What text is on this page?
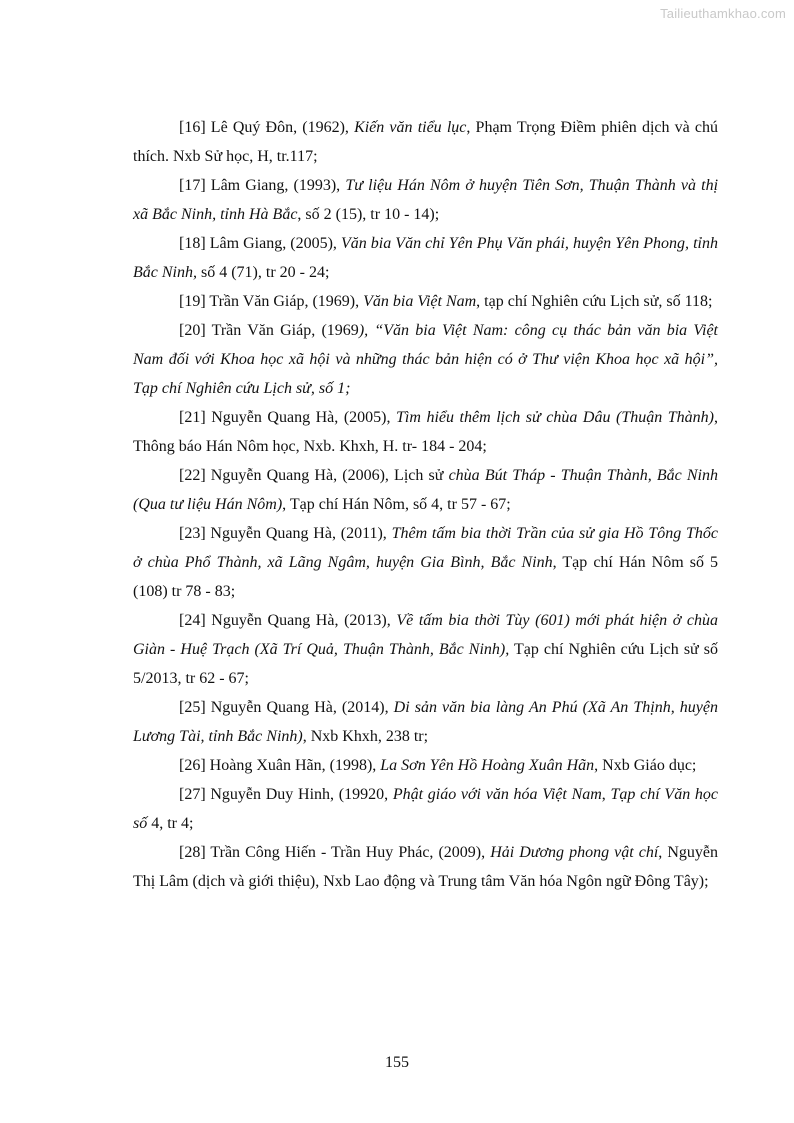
Tailieuthamkhao.com

[16] Lê Quý Đôn, (1962), Kiến văn tiểu lục, Phạm Trọng Điềm phiên dịch và chú thích. Nxb Sử học, H, tr.117;

[17] Lâm Giang, (1993), Tư liệu Hán Nôm ở huyện Tiên Sơn, Thuận Thành và thị xã Bắc Ninh, tỉnh Hà Bắc, số 2 (15), tr 10 - 14);

[18] Lâm Giang, (2005), Văn bia Văn chỉ Yên Phụ Văn phái, huyện Yên Phong, tỉnh Bắc Ninh, số 4 (71), tr 20 - 24;

[19] Trần Văn Giáp, (1969), Văn bia Việt Nam, tạp chí Nghiên cứu Lịch sử, số 118;

[20] Trần Văn Giáp, (1969), “Văn bia Việt Nam: công cụ thác bản văn bia Việt Nam đối với Khoa học xã hội và những thác bản hiện có ở Thư viện Khoa học xã hội”, Tạp chí Nghiên cứu Lịch sử, số 1;

[21] Nguyễn Quang Hà, (2005), Tìm hiểu thêm lịch sử chùa Dâu (Thuận Thành), Thông báo Hán Nôm học, Nxb. Khxh, H. tr- 184 - 204;

[22] Nguyễn Quang Hà, (2006), Lịch sử chùa Bút Tháp - Thuận Thành, Bắc Ninh (Qua tư liệu Hán Nôm), Tạp chí Hán Nôm, số 4, tr 57 - 67;

[23] Nguyễn Quang Hà, (2011), Thêm tấm bia thời Trần của sử gia Hồ Tông Thốc ở chùa Phổ Thành, xã Lãng Ngâm, huyện Gia Bình, Bắc Ninh, Tạp chí Hán Nôm số 5 (108) tr 78 - 83;

[24] Nguyễn Quang Hà, (2013), Về tấm bia thời Tùy (601) mới phát hiện ở chùa Giàn - Huệ Trạch (Xã Trí Quả, Thuận Thành, Bắc Ninh), Tạp chí Nghiên cứu Lịch sử số 5/2013, tr 62 - 67;

[25] Nguyễn Quang Hà, (2014), Di sản văn bia làng An Phú (Xã An Thịnh, huyện Lương Tài, tỉnh Bắc Ninh), Nxb Khxh, 238 tr;

[26] Hoàng Xuân Hãn, (1998), La Sơn Yên Hồ Hoàng Xuân Hãn, Nxb Giáo dục;

[27] Nguyễn Duy Hinh, (19920, Phật giáo với văn hóa Việt Nam, Tạp chí Văn học số 4, tr 4;

[28] Trần Công Hiến - Trần Huy Phác, (2009), Hải Dương phong vật chí, Nguyễn Thị Lâm (dịch và giới thiệu), Nxb Lao động và Trung tâm Văn hóa Ngôn ngữ Đông Tây);

155
